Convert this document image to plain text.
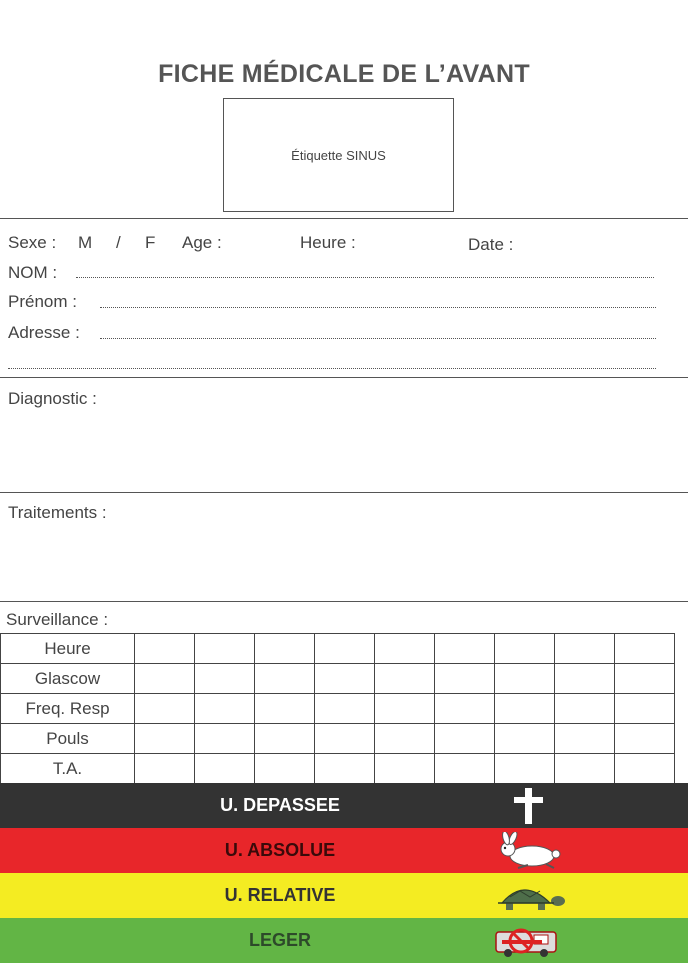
FICHE MÉDICALE DE L’AVANT
Étiquette SINUS
Sexe : M / F Age :	Heure :	Date :
NOM :
Prénom :
Adresse :
Diagnostic :
Traitements :
Surveillance :
Heure									
Glascow									
Freq. Resp									
Pouls									
T.A.									
U. DEPASSEE
U. ABSOLUE
U. RELATIVE
LEGER
